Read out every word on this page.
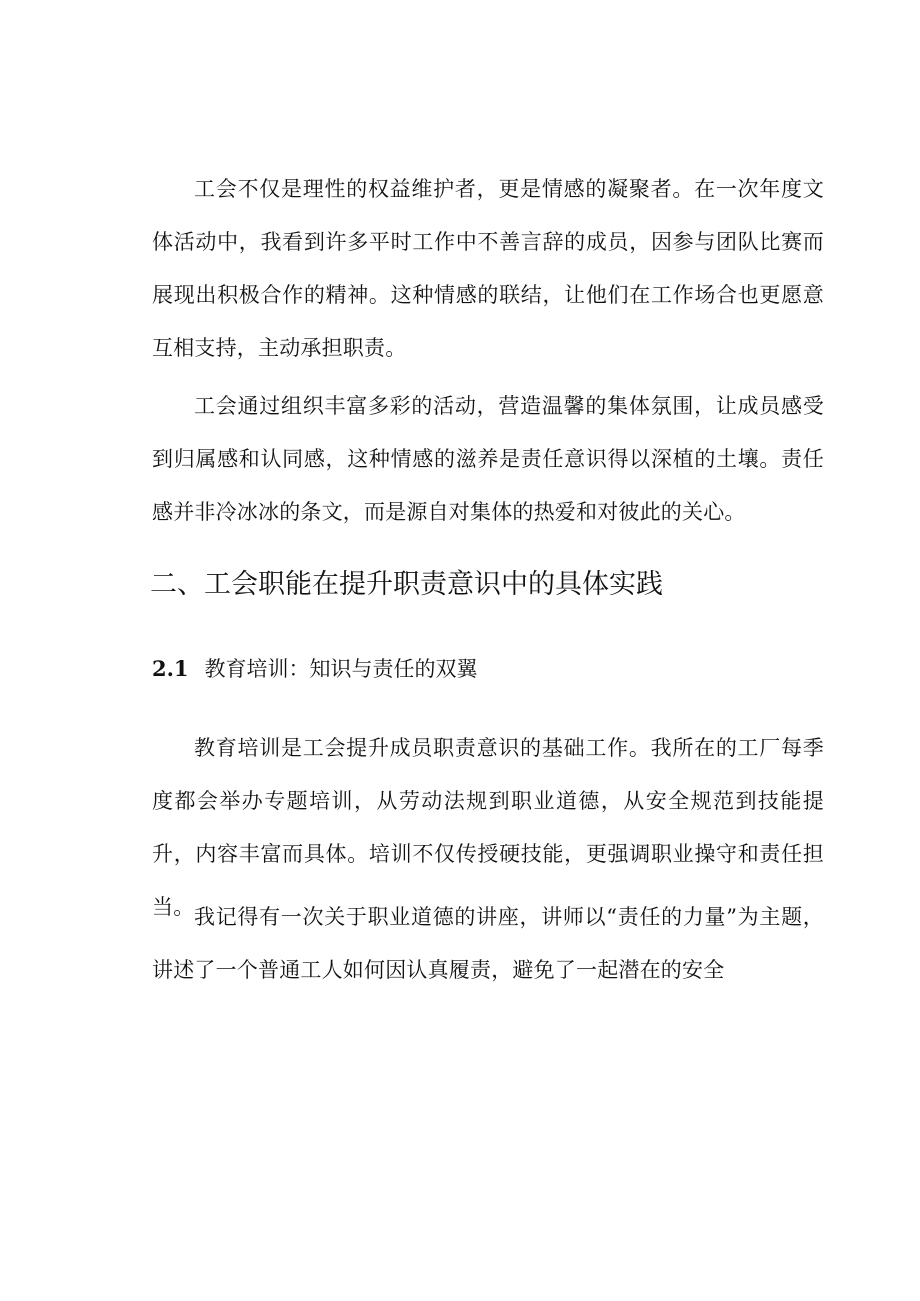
工会不仅是理性的权益维护者，更是情感的凝聚者。在一次年度文体活动中，我看到许多平时工作中不善言辞的成员，因参与团队比赛而展现出积极合作的精神。这种情感的联结，让他们在工作场合也更愿意互相支持，主动承担职责。

工会通过组织丰富多彩的活动，营造温馨的集体氛围，让成员感受到归属感和认同感，这种情感的滋养是责任意识得以深植的土壤。责任感并非冷冰冰的条文，而是源自对集体的热爱和对彼此的关心。

二、工会职能在提升职责意识中的具体实践
2.1 教育培训：知识与责任的双翼

教育培训是工会提升成员职责意识的基础工作。我所在的工厂每季度都会举办专题培训，从劳动法规到职业道德，从安全规范到技能提升，内容丰富而具体。培训不仅传授硬技能，更强调职业操守和责任担当。 我记得有一次关于职业道德的讲座，讲师以“责任的力量”为主题，讲述了一个普通工人如何因认真履责，避免了一起潜在的安全
